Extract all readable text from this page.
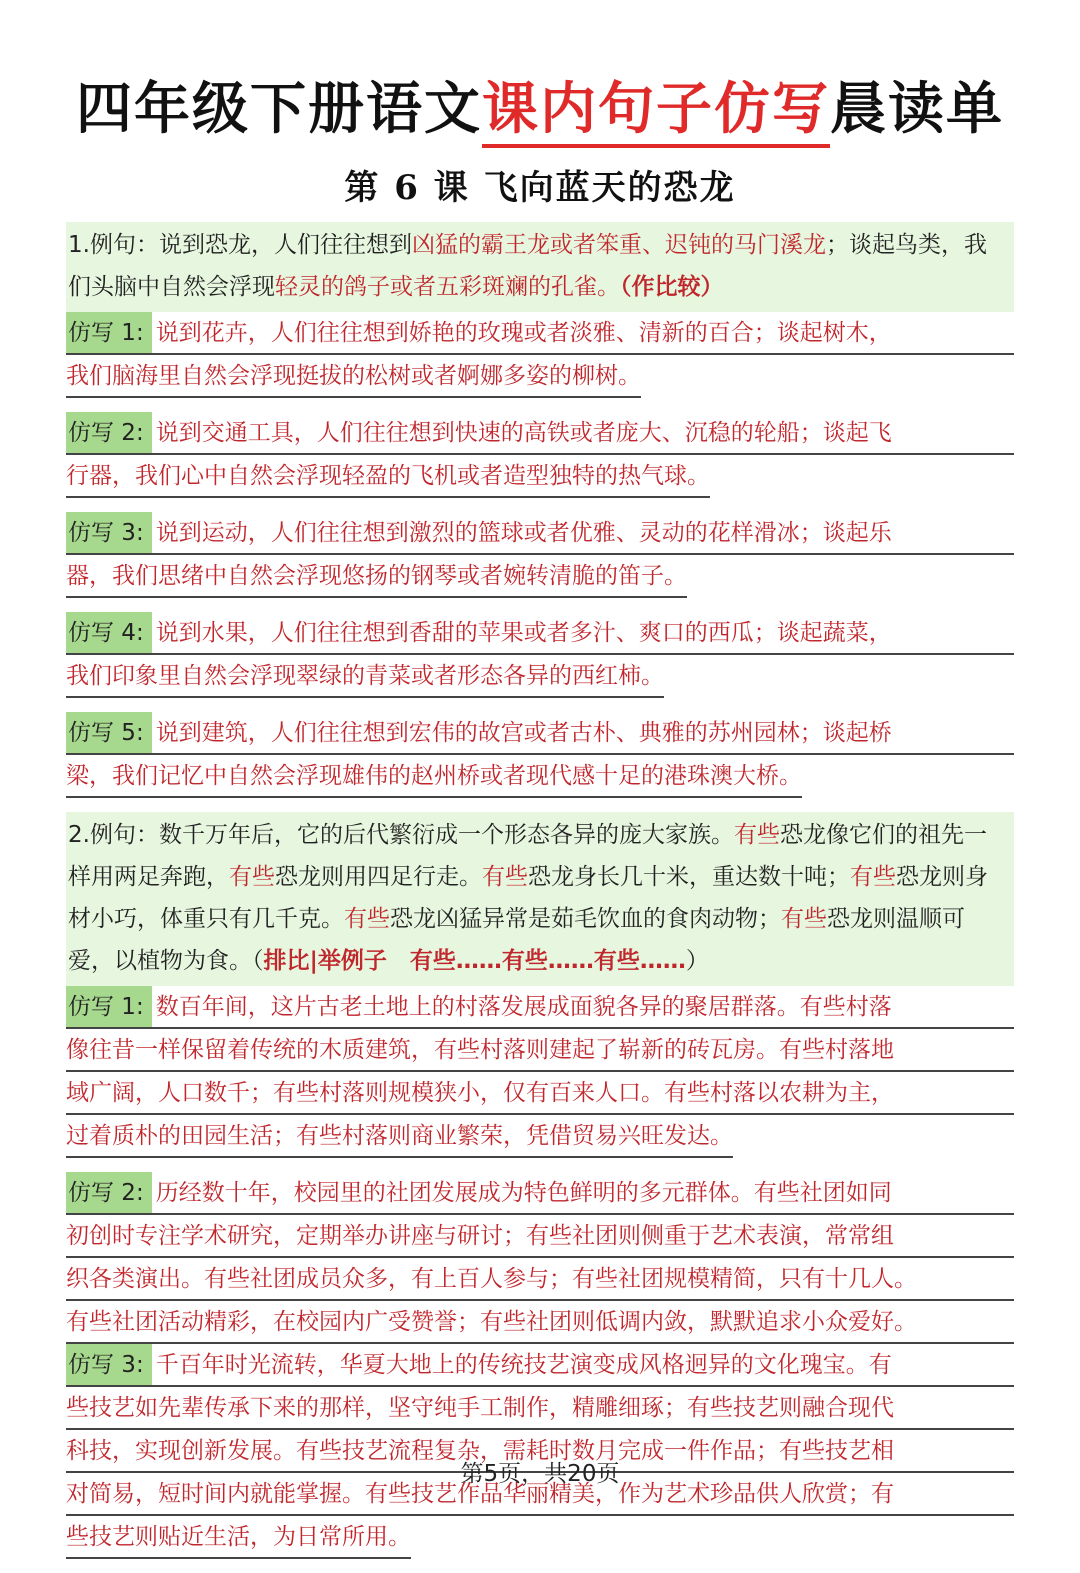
四年级下册语文课内句子仿写晨读单
第 6 课 飞向蓝天的恐龙
1.例句：说到恐龙，人们往往想到凶猛的霸王龙或者笨重、迟钝的马门溪龙；谈起鸟类，我们头脑中自然会浮现轻灵的鸽子或者五彩斑斓的孔雀。（作比较）
仿写 1: 说到花卉，人们往往想到娇艳的玫瑰或者淡雅、清新的百合；谈起树木，
我们脑海里自然会浮现挺拔的松树或者婀娜多姿的柳树。
仿写 2: 说到交通工具，人们往往想到快速的高铁或者庞大、沉稳的轮船；谈起飞
行器，我们心中自然会浮现轻盈的飞机或者造型独特的热气球。
仿写 3: 说到运动，人们往往想到激烈的篮球或者优雅、灵动的花样滑冰；谈起乐
器，我们思绪中自然会浮现悠扬的钢琴或者婉转清脆的笛子。
仿写 4: 说到水果，人们往往想到香甜的苹果或者多汁、爽口的西瓜；谈起蔬菜，
我们印象里自然会浮现翠绿的青菜或者形态各异的西红柿。
仿写 5: 说到建筑，人们往往想到宏伟的故宫或者古朴、典雅的苏州园林；谈起桥
梁，我们记忆中自然会浮现雄伟的赵州桥或者现代感十足的港珠澳大桥。
2.例句：数千万年后，它的后代繁衍成一个形态各异的庞大家族。有些恐龙像它们的祖先一样用两足奔跑，有些恐龙则用四足行走。有些恐龙身长几十米，重达数十吨；有些恐龙则身材小巧，体重只有几千克。有些恐龙凶猛异常是茹毛饮血的食肉动物；有些恐龙则温顺可爱，以植物为食。（排比|举例子　有些……有些……有些……）
仿写 1: 数百年间，这片古老土地上的村落发展成面貌各异的聚居群落。有些村落
像往昔一样保留着传统的木质建筑，有些村落则建起了崭新的砖瓦房。有些村落地
域广阔，人口数千；有些村落则规模狭小，仅有百来人口。有些村落以农耕为主，
过着质朴的田园生活；有些村落则商业繁荣，凭借贸易兴旺发达。
仿写 2: 历经数十年，校园里的社团发展成为特色鲜明的多元群体。有些社团如同
初创时专注学术研究，定期举办讲座与研讨；有些社团则侧重于艺术表演，常常组
织各类演出。有些社团成员众多，有上百人参与；有些社团规模精简，只有十几人。
有些社团活动精彩，在校园内广受赞誉；有些社团则低调内敛，默默追求小众爱好。
仿写 3: 千百年时光流转，华夏大地上的传统技艺演变成风格迥异的文化瑰宝。有
些技艺如先辈传承下来的那样，坚守纯手工制作，精雕细琢；有些技艺则融合现代
科技，实现创新发展。有些技艺流程复杂，需耗时数月完成一件作品；有些技艺相
对简易，短时间内就能掌握。有些技艺作品华丽精美，作为艺术珍品供人欣赏；有
些技艺则贴近生活，为日常所用。
第5页，共20页
